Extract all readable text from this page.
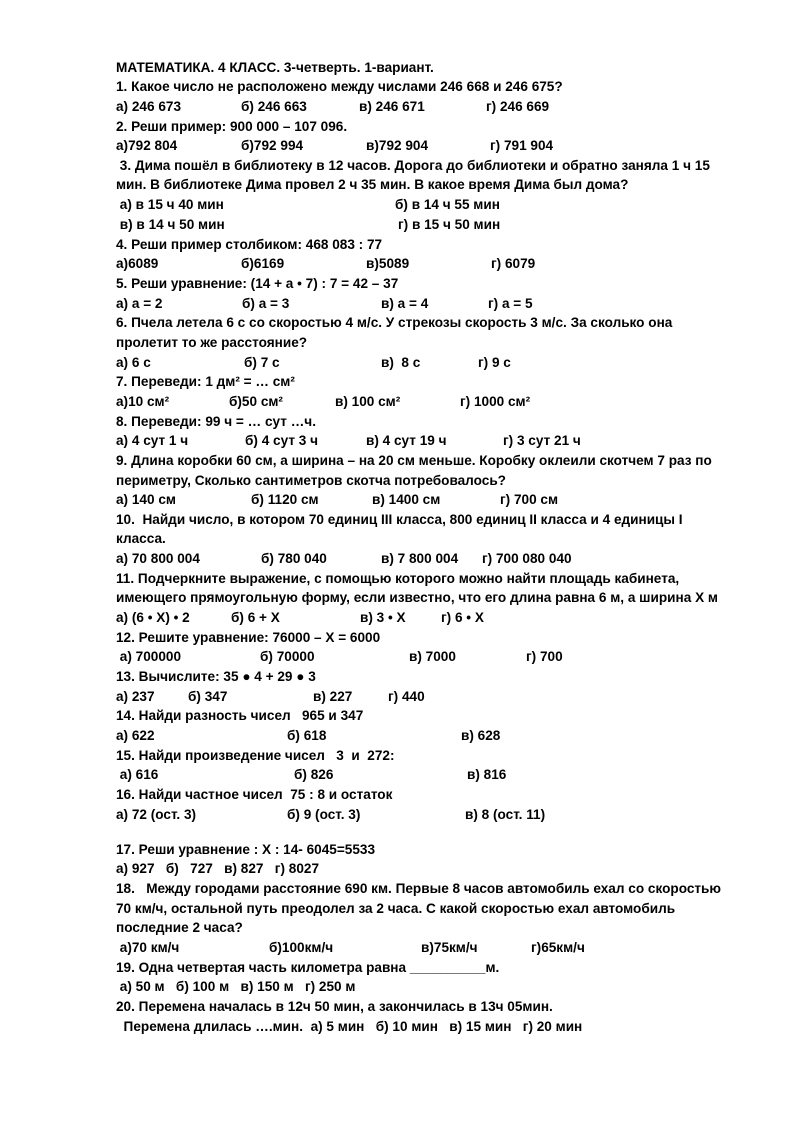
МАТЕМАТИКА. 4 КЛАСС. 3-четверть. 1-вариант.
1. Какое число не расположено между числами 246 668 и 246 675?
а) 246 673	б) 246 663	в) 246 671	г) 246 669
2. Реши пример: 900 000 – 107 096.
а)792 804	б)792 994	в)792 904	г) 791 904
3. Дима пошёл в библиотеку в 12 часов. Дорога до библиотеки и обратно заняла 1 ч 15
мин. В библиотеке Дима провел 2 ч 35 мин. В какое время Дима был дома?
а) в 15 ч 40 мин	б) в 14 ч 55 мин
в) в 14 ч 50 мин	г) в 15 ч 50 мин
4. Реши пример столбиком: 468 083 : 77
а)6089	б)6169	в)5089	г) 6079
5. Реши уравнение: (14 + а • 7) : 7 = 42 – 37
а) а = 2	б) а = 3	в) а = 4	г) а = 5
6. Пчела летела 6 с со скоростью 4 м/с. У стрекозы скорость 3 м/с. За сколько она
пролетит то же расстояние?
а) 6 с	б) 7 с	в)  8 с	г) 9 с
7. Переведи: 1 дм² = … см²
а)10 см²	б)50 см²	в) 100 см²	г) 1000 см²
8. Переведи: 99 ч = … сут …ч.
а) 4 сут 1 ч	б) 4 сут 3 ч	в) 4 сут 19 ч	г) 3 сут 21 ч
9. Длина коробки 60 см, а ширина – на 20 см меньше. Коробку оклеили скотчем 7 раз по
периметру, Сколько сантиметров скотча потребовалось?
а) 140 см	б) 1120 см	в) 1400 см	г) 700 см
10.  Найди число, в котором 70 единиц III класса, 800 единиц II класса и 4 единицы I
класса.
а) 70 800 004	б) 780 040	в) 7 800 004 г) 700 080 040
11. Подчеркните выражение, с помощью которого можно найти площадь кабинета,
имеющего прямоугольную форму, если известно, что его длина равна 6 м, а ширина Х м
а) (6 • Х) • 2	б) 6 + Х	в) 3 • Х	г) 6 • Х
12. Решите уравнение: 76000 – Х = 6000
а) 700000	б) 70000	в) 7000	г) 700
13. Вычислите: 35 ● 4 + 29 ● 3
а) 237 б) 347	в) 227	г) 440
14. Найди разность чисел   965 и 347
а) 622	б) 618	в) 628
15. Найди произведение чисел   3  и  272:
а) 616	б) 826	в) 816
16. Найди частное чисел  75 : 8 и остаток
а) 72 (ост. 3)	б) 9 (ост. 3)	в) 8 (ост. 11)
17. Реши уравнение : Х : 14- 6045=5533
а) 927   б)   727   в) 827   г) 8027
18.   Между городами расстояние 690 км. Первые 8 часов автомобиль ехал со скоростью
70 км/ч, остальной путь преодолел за 2 часа. С какой скоростью ехал автомобиль
последние 2 часа?
а)70 км/ч	б)100км/ч	в)75км/ч	г)65км/ч
19. Одна четвертая часть километра равна __________м.
а) 50 м   б) 100 м   в) 150 м   г) 250 м
20. Перемена началась в 12ч 50 мин, а закончилась в 13ч 05мин.
Перемена длилась ….мин.  а) 5 мин   б) 10 мин   в) 15 мин   г) 20 мин
